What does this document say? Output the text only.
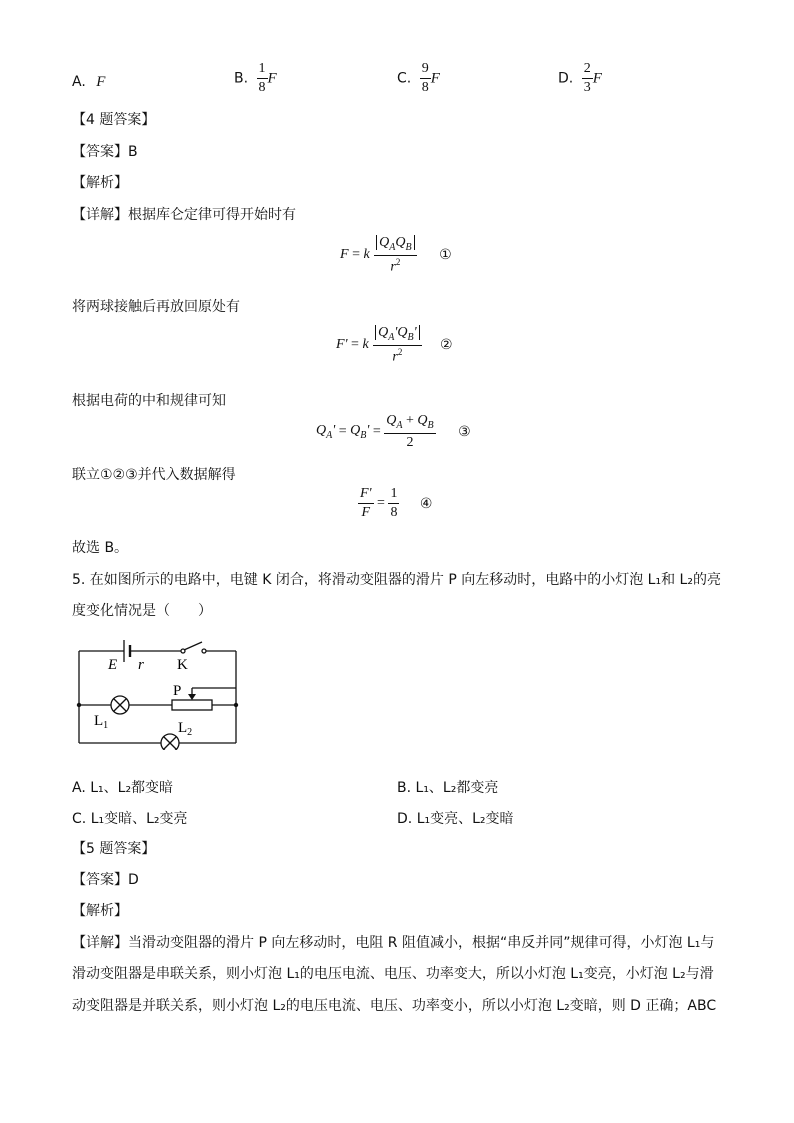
A. F	B. $\frac{1}{8}$ F	C. $\frac{9}{8}$ F	D. $\frac{2}{3}$ F
【4 题答案】
【答案】B
【解析】
【详解】根据库仑定律可得开始时有
F = k $\frac{Q_AQ_B}{r^2}$ ①
将两球接触后再放回原处有
F' = k $\frac{Q_A'Q_B'}{r^2}$ ②
根据电荷的中和规律可知
$Q_A' = Q_B' = \frac{Q_A + Q_B}{2}$ ③
联立①②③并代入数据解得
$\frac{F'}{F} = \frac{1}{8}$ ④
故选 B。
5. 在如图所示的电路中，电键 K 闭合，将滑动变阻器的滑片 P 向左移动时，电路中的小灯泡 L₁和 L₂的亮
度变化情况是（　　）
E r K
P
$L_1$	$L_2$
A. L₁、L₂都变暗	B. L₁、L₂都变亮
C. L₁变暗、L₂变亮	D. L₁变亮、L₂变暗
【5 题答案】
【答案】D
【解析】
【详解】当滑动变阻器的滑片 P 向左移动时，电阻 R 阻值减小，根据“串反并同”规律可得，小灯泡 L₁与
滑动变阻器是串联关系，则小灯泡 L₁的电压电流、电压、功率变大，所以小灯泡 L₁变亮，小灯泡 L₂与滑
动变阻器是并联关系，则小灯泡 L₂的电压电流、电压、功率变小，所以小灯泡 L₂变暗，则 D 正确；ABC
